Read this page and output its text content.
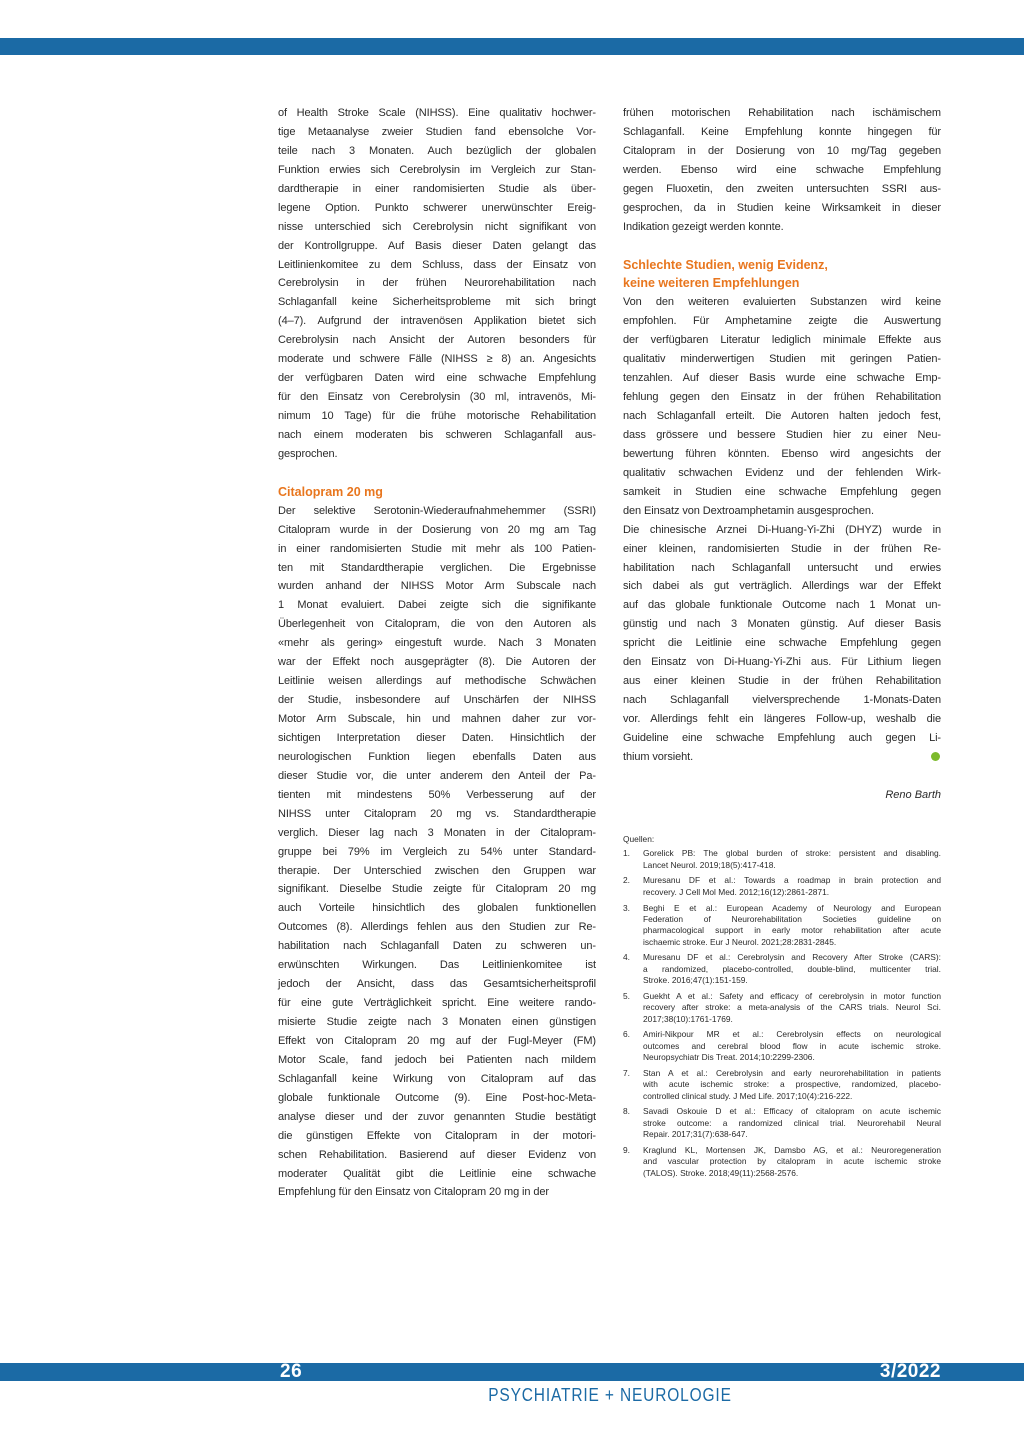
of Health Stroke Scale (NIHSS). Eine qualitativ hochwer-
tige Metaanalyse zweier Studien fand ebensolche Vor-
teile nach 3 Monaten. Auch bezüglich der globalen
Funktion erwies sich Cerebrolysin im Vergleich zur Stan-
dardtherapie in einer randomisierten Studie als über-
legene Option. Punkto schwerer unerwünschter Ereig-
nisse unterschied sich Cerebrolysin nicht signifikant von
der Kontrollgruppe. Auf Basis dieser Daten gelangt das
Leitlinienkomitee zu dem Schluss, dass der Einsatz von
Cerebrolysin in der frühen Neurorehabilitation nach
Schlaganfall keine Sicherheitsprobleme mit sich bringt
(4–7). Aufgrund der intravenösen Applikation bietet sich
Cerebrolysin nach Ansicht der Autoren besonders für
moderate und schwere Fälle (NIHSS ≥ 8) an. Angesichts
der verfügbaren Daten wird eine schwache Empfehlung
für den Einsatz von Cerebrolysin (30 ml, intravenös, Mi-
nimum 10 Tage) für die frühe motorische Rehabilitation
nach einem moderaten bis schweren Schlaganfall aus-
gesprochen.
Citalopram 20 mg
Der selektive Serotonin-Wiederaufnahmehemmer (SSRI)
Citalopram wurde in der Dosierung von 20 mg am Tag
in einer randomisierten Studie mit mehr als 100 Patien-
ten mit Standardtherapie verglichen. Die Ergebnisse
wurden anhand der NIHSS Motor Arm Subscale nach
1 Monat evaluiert. Dabei zeigte sich die signifikante
Überlegenheit von Citalopram, die von den Autoren als
«mehr als gering» eingestuft wurde. Nach 3 Monaten
war der Effekt noch ausgeprägter (8). Die Autoren der
Leitlinie weisen allerdings auf methodische Schwächen
der Studie, insbesondere auf Unschärfen der NIHSS
Motor Arm Subscale, hin und mahnen daher zur vor-
sichtigen Interpretation dieser Daten. Hinsichtlich der
neurologischen Funktion liegen ebenfalls Daten aus
dieser Studie vor, die unter anderem den Anteil der Pa-
tienten mit mindestens 50% Verbesserung auf der
NIHSS unter Citalopram 20 mg vs. Standardtherapie
verglich. Dieser lag nach 3 Monaten in der Citalopram-
gruppe bei 79% im Vergleich zu 54% unter Standard-
therapie. Der Unterschied zwischen den Gruppen war
signifikant. Dieselbe Studie zeigte für Citalopram 20 mg
auch Vorteile hinsichtlich des globalen funktionellen
Outcomes (8). Allerdings fehlen aus den Studien zur Re-
habilitation nach Schlaganfall Daten zu schweren un-
erwünschten Wirkungen. Das Leitlinienkomitee ist
jedoch der Ansicht, dass das Gesamtsicherheitsprofil
für eine gute Verträglichkeit spricht. Eine weitere rando-
misierte Studie zeigte nach 3 Monaten einen günstigen
Effekt von Citalopram 20 mg auf der Fugl-Meyer (FM)
Motor Scale, fand jedoch bei Patienten nach mildem
Schlaganfall keine Wirkung von Citalopram auf das
globale funktionale Outcome (9). Eine Post-hoc-Meta-
analyse dieser und der zuvor genannten Studie bestätigt
die günstigen Effekte von Citalopram in der motori-
schen Rehabilitation. Basierend auf dieser Evidenz von
moderater Qualität gibt die Leitlinie eine schwache
Empfehlung für den Einsatz von Citalopram 20 mg in der
frühen motorischen Rehabilitation nach ischämischem
Schlaganfall. Keine Empfehlung konnte hingegen für
Citalopram in der Dosierung von 10 mg/Tag gegeben
werden. Ebenso wird eine schwache Empfehlung
gegen Fluoxetin, den zweiten untersuchten SSRI aus-
gesprochen, da in Studien keine Wirksamkeit in dieser
Indikation gezeigt werden konnte.
Schlechte Studien, wenig Evidenz,
keine weiteren Empfehlungen
Von den weiteren evaluierten Substanzen wird keine
empfohlen. Für Amphetamine zeigte die Auswertung
der verfügbaren Literatur lediglich minimale Effekte aus
qualitativ minderwertigen Studien mit geringen Patien-
tenzahlen. Auf dieser Basis wurde eine schwache Emp-
fehlung gegen den Einsatz in der frühen Rehabilitation
nach Schlaganfall erteilt. Die Autoren halten jedoch fest,
dass grössere und bessere Studien hier zu einer Neu-
bewertung führen könnten. Ebenso wird angesichts der
qualitativ schwachen Evidenz und der fehlenden Wirk-
samkeit in Studien eine schwache Empfehlung gegen
den Einsatz von Dextroamphetamin ausgesprochen.
Die chinesische Arznei Di-Huang-Yi-Zhi (DHYZ) wurde in
einer kleinen, randomisierten Studie in der frühen Re-
habilitation nach Schlaganfall untersucht und erwies
sich dabei als gut verträglich. Allerdings war der Effekt
auf das globale funktionale Outcome nach 1 Monat un-
günstig und nach 3 Monaten günstig. Auf dieser Basis
spricht die Leitlinie eine schwache Empfehlung gegen
den Einsatz von Di-Huang-Yi-Zhi aus. Für Lithium liegen
aus einer kleinen Studie in der frühen Rehabilitation
nach Schlaganfall vielversprechende 1-Monats-Daten
vor. Allerdings fehlt ein längeres Follow-up, weshalb die
Guideline eine schwache Empfehlung auch gegen Li-
thium vorsieht.
Reno Barth
Quellen:
1. Gorelick PB: The global burden of stroke: persistent and disabling.
Lancet Neurol. 2019;18(5):417-418.
2. Muresanu DF et al.: Towards a roadmap in brain protection and
recovery. J Cell Mol Med. 2012;16(12):2861-2871.
3. Beghi E et al.: European Academy of Neurology and European
Federation of Neurorehabilitation Societies guideline on
pharmacological support in early motor rehabilitation after acute
ischaemic stroke. Eur J Neurol. 2021;28:2831-2845.
4. Muresanu DF et al.: Cerebrolysin and Recovery After Stroke (CARS):
a randomized, placebo-controlled, double-blind, multicenter trial.
Stroke. 2016;47(1):151-159.
5. Guekht A et al.: Safety and efficacy of cerebrolysin in motor function
recovery after stroke: a meta-analysis of the CARS trials. Neurol Sci.
2017;38(10):1761-1769.
6. Amiri-Nikpour MR et al.: Cerebrolysin effects on neurological
outcomes and cerebral blood flow in acute ischemic stroke.
Neuropsychiatr Dis Treat. 2014;10:2299-2306.
7. Stan A et al.: Cerebrolysin and early neurorehabilitation in patients
with acute ischemic stroke: a prospective, randomized, placebo-
controlled clinical study. J Med Life. 2017;10(4):216-222.
8. Savadi Oskouie D et al.: Efficacy of citalopram on acute ischemic
stroke outcome: a randomized clinical trial. Neurorehabil Neural
Repair. 2017;31(7):638-647.
9. Kraglund KL, Mortensen JK, Damsbo AG, et al.: Neuroregeneration
and vascular protection by citalopram in acute ischemic stroke
(TALOS). Stroke. 2018;49(11):2568-2576.
26	3/2022
PSYCHIATRIE + NEUROLOGIE
